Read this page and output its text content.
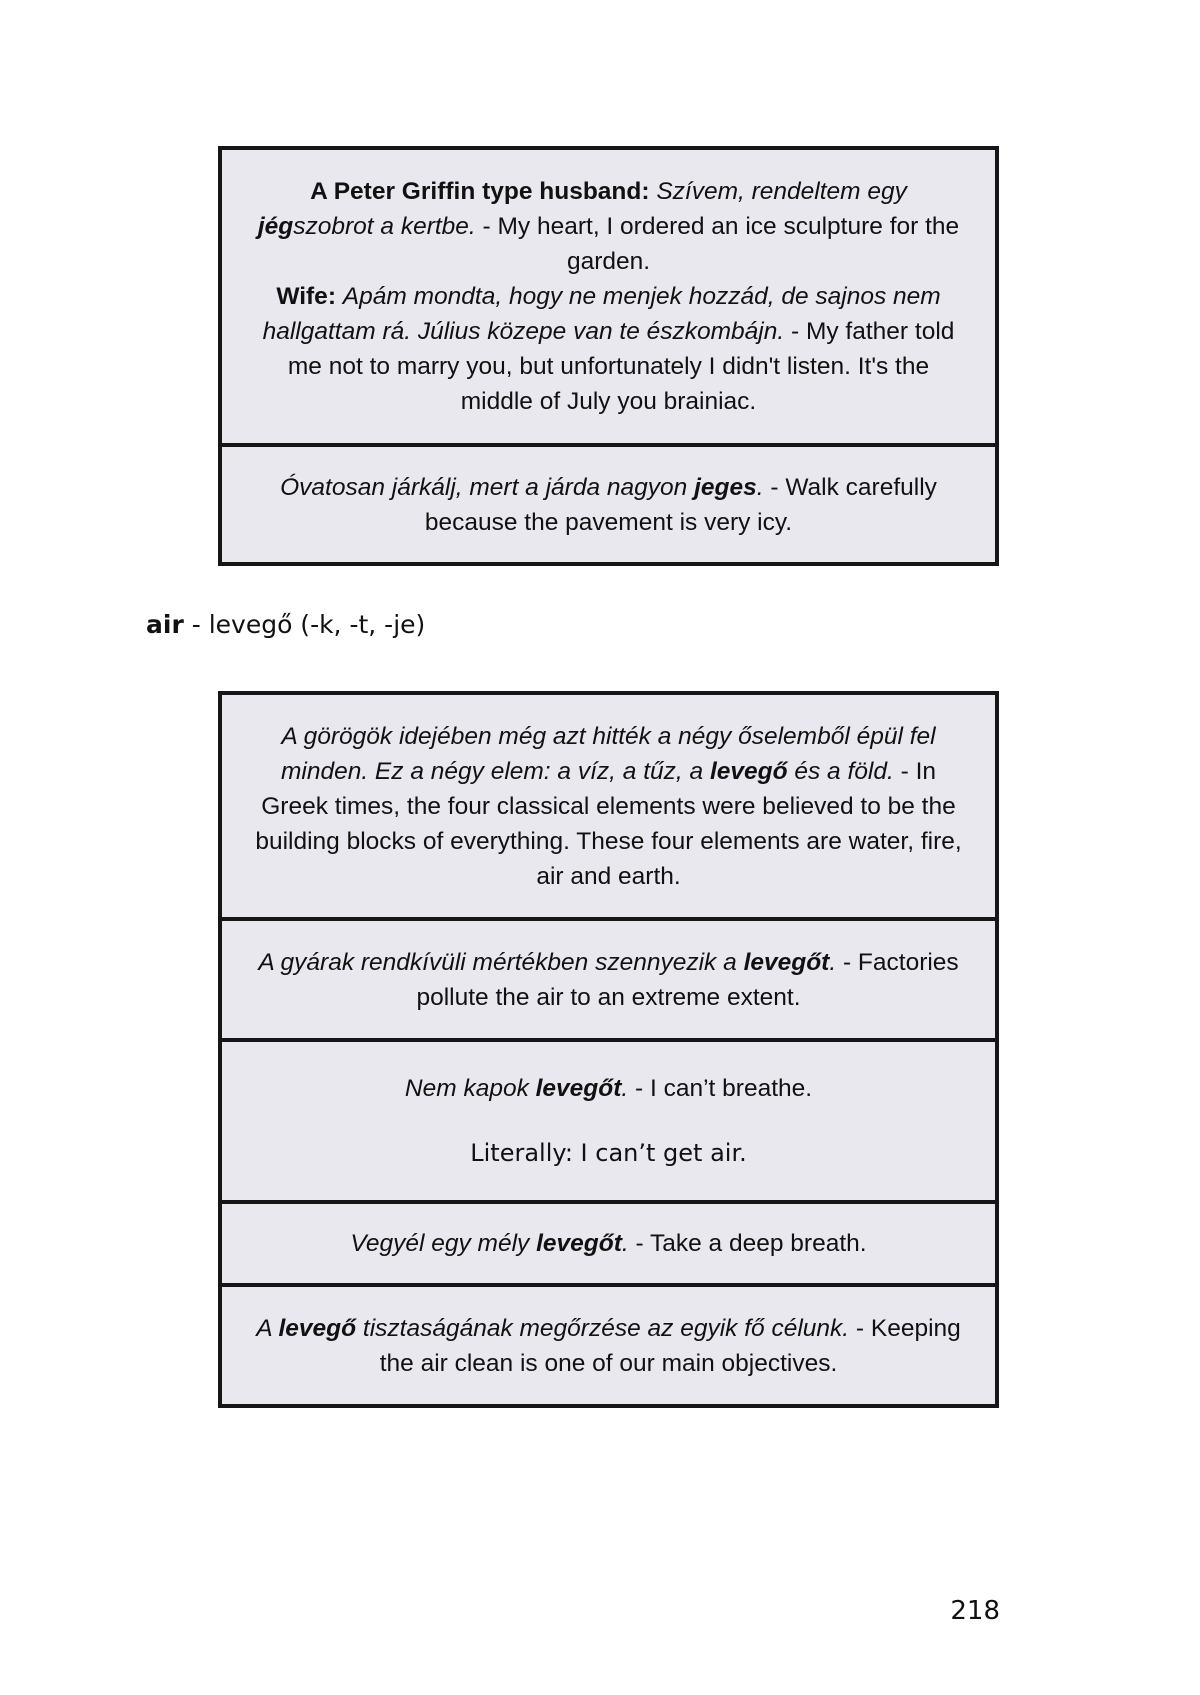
A Peter Griffin type husband: Szívem, rendeltem egy jégszobrot a kertbe. - My heart, I ordered an ice sculpture for the garden.

Wife: Apám mondta, hogy ne menjek hozzád, de sajnos nem hallgattam rá. Július közepe van te észkombájn. - My father told me not to marry you, but unfortunately I didn't listen. It's the middle of July you brainiac.

Óvatosan járkálj, mert a járda nagyon jeges. - Walk carefully because the pavement is very icy.

air - levegő (-k, -t, -je)

A görögök idejében még azt hitték a négy őselemből épül fel minden. Ez a négy elem: a víz, a tűz, a levegő és a föld. - In Greek times, the four classical elements were believed to be the building blocks of everything. These four elements are water, fire, air and earth.

A gyárak rendkívüli mértékben szennyezik a levegőt. - Factories pollute the air to an extreme extent.

Nem kapok levegőt. - I can’t breathe.

Literally: I can’t get air.

Vegyél egy mély levegőt. - Take a deep breath.

A levegő tisztaságának megőrzése az egyik fő célunk. - Keeping the air clean is one of our main objectives.

218
